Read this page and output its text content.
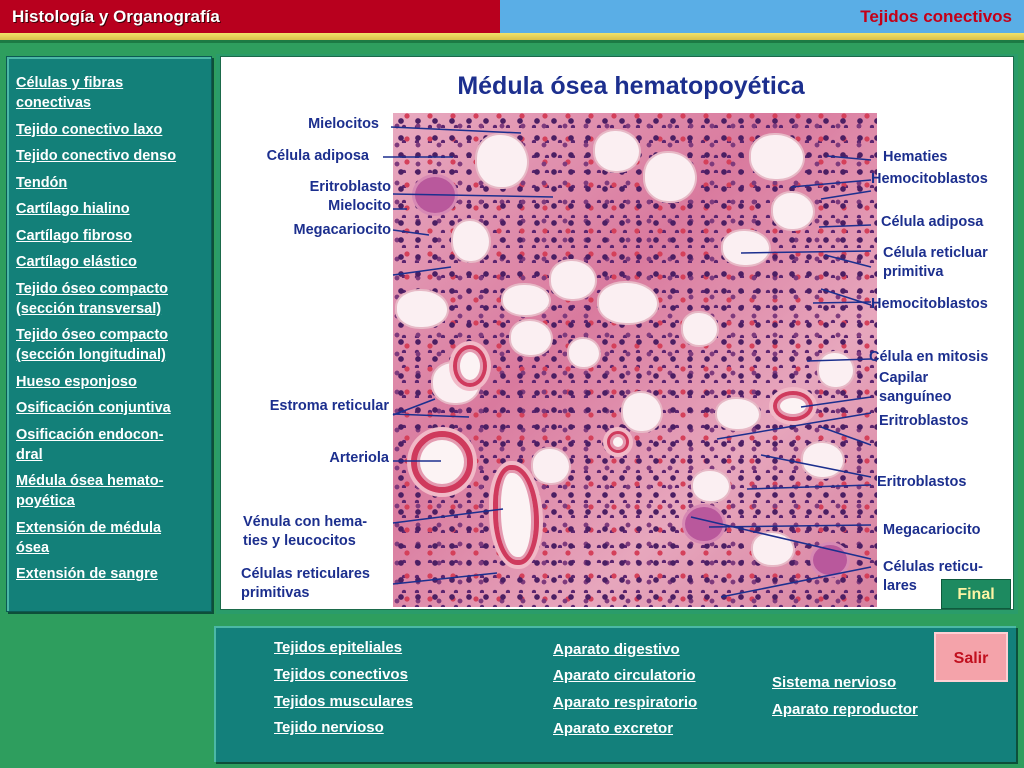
Histología y Organografía	Tejidos conectivos
Células y fibras
conectivas
Tejido conectivo laxo
Tejido conectivo denso
Tendón
Cartílago hialino
Cartílago fibroso
Cartílago elástico
Tejido óseo compacto
(sección transversal)
Tejido óseo compacto
(sección longitudinal)
Hueso esponjoso
Osificación conjuntiva
Osificación endocon-
dral
Médula ósea hemato-
poyética
Extensión de médula
ósea
Extensión de sangre
Médula ósea hematopoyética
Mielocitos
Célula adiposa
Eritroblasto
Mielocito
Megacariocito
Estroma reticular
Arteriola
Vénula con hema-
ties y leucocitos
Células reticulares
primitivas
Hematies
Hemocitoblastos
Célula adiposa
Célula reticluar
primitiva
Hemocitoblastos
Célula en mitosis
Capilar
sanguíneo
Eritroblastos
Eritroblastos
Megacariocito
Células reticu-
lares	Final
Tejidos epiteliales
Tejidos conectivos
Tejidos musculares
Tejido nervioso
Aparato digestivo
Aparato circulatorio
Aparato respiratorio
Aparato excretor
Sistema nervioso
Aparato reproductor
Salir
